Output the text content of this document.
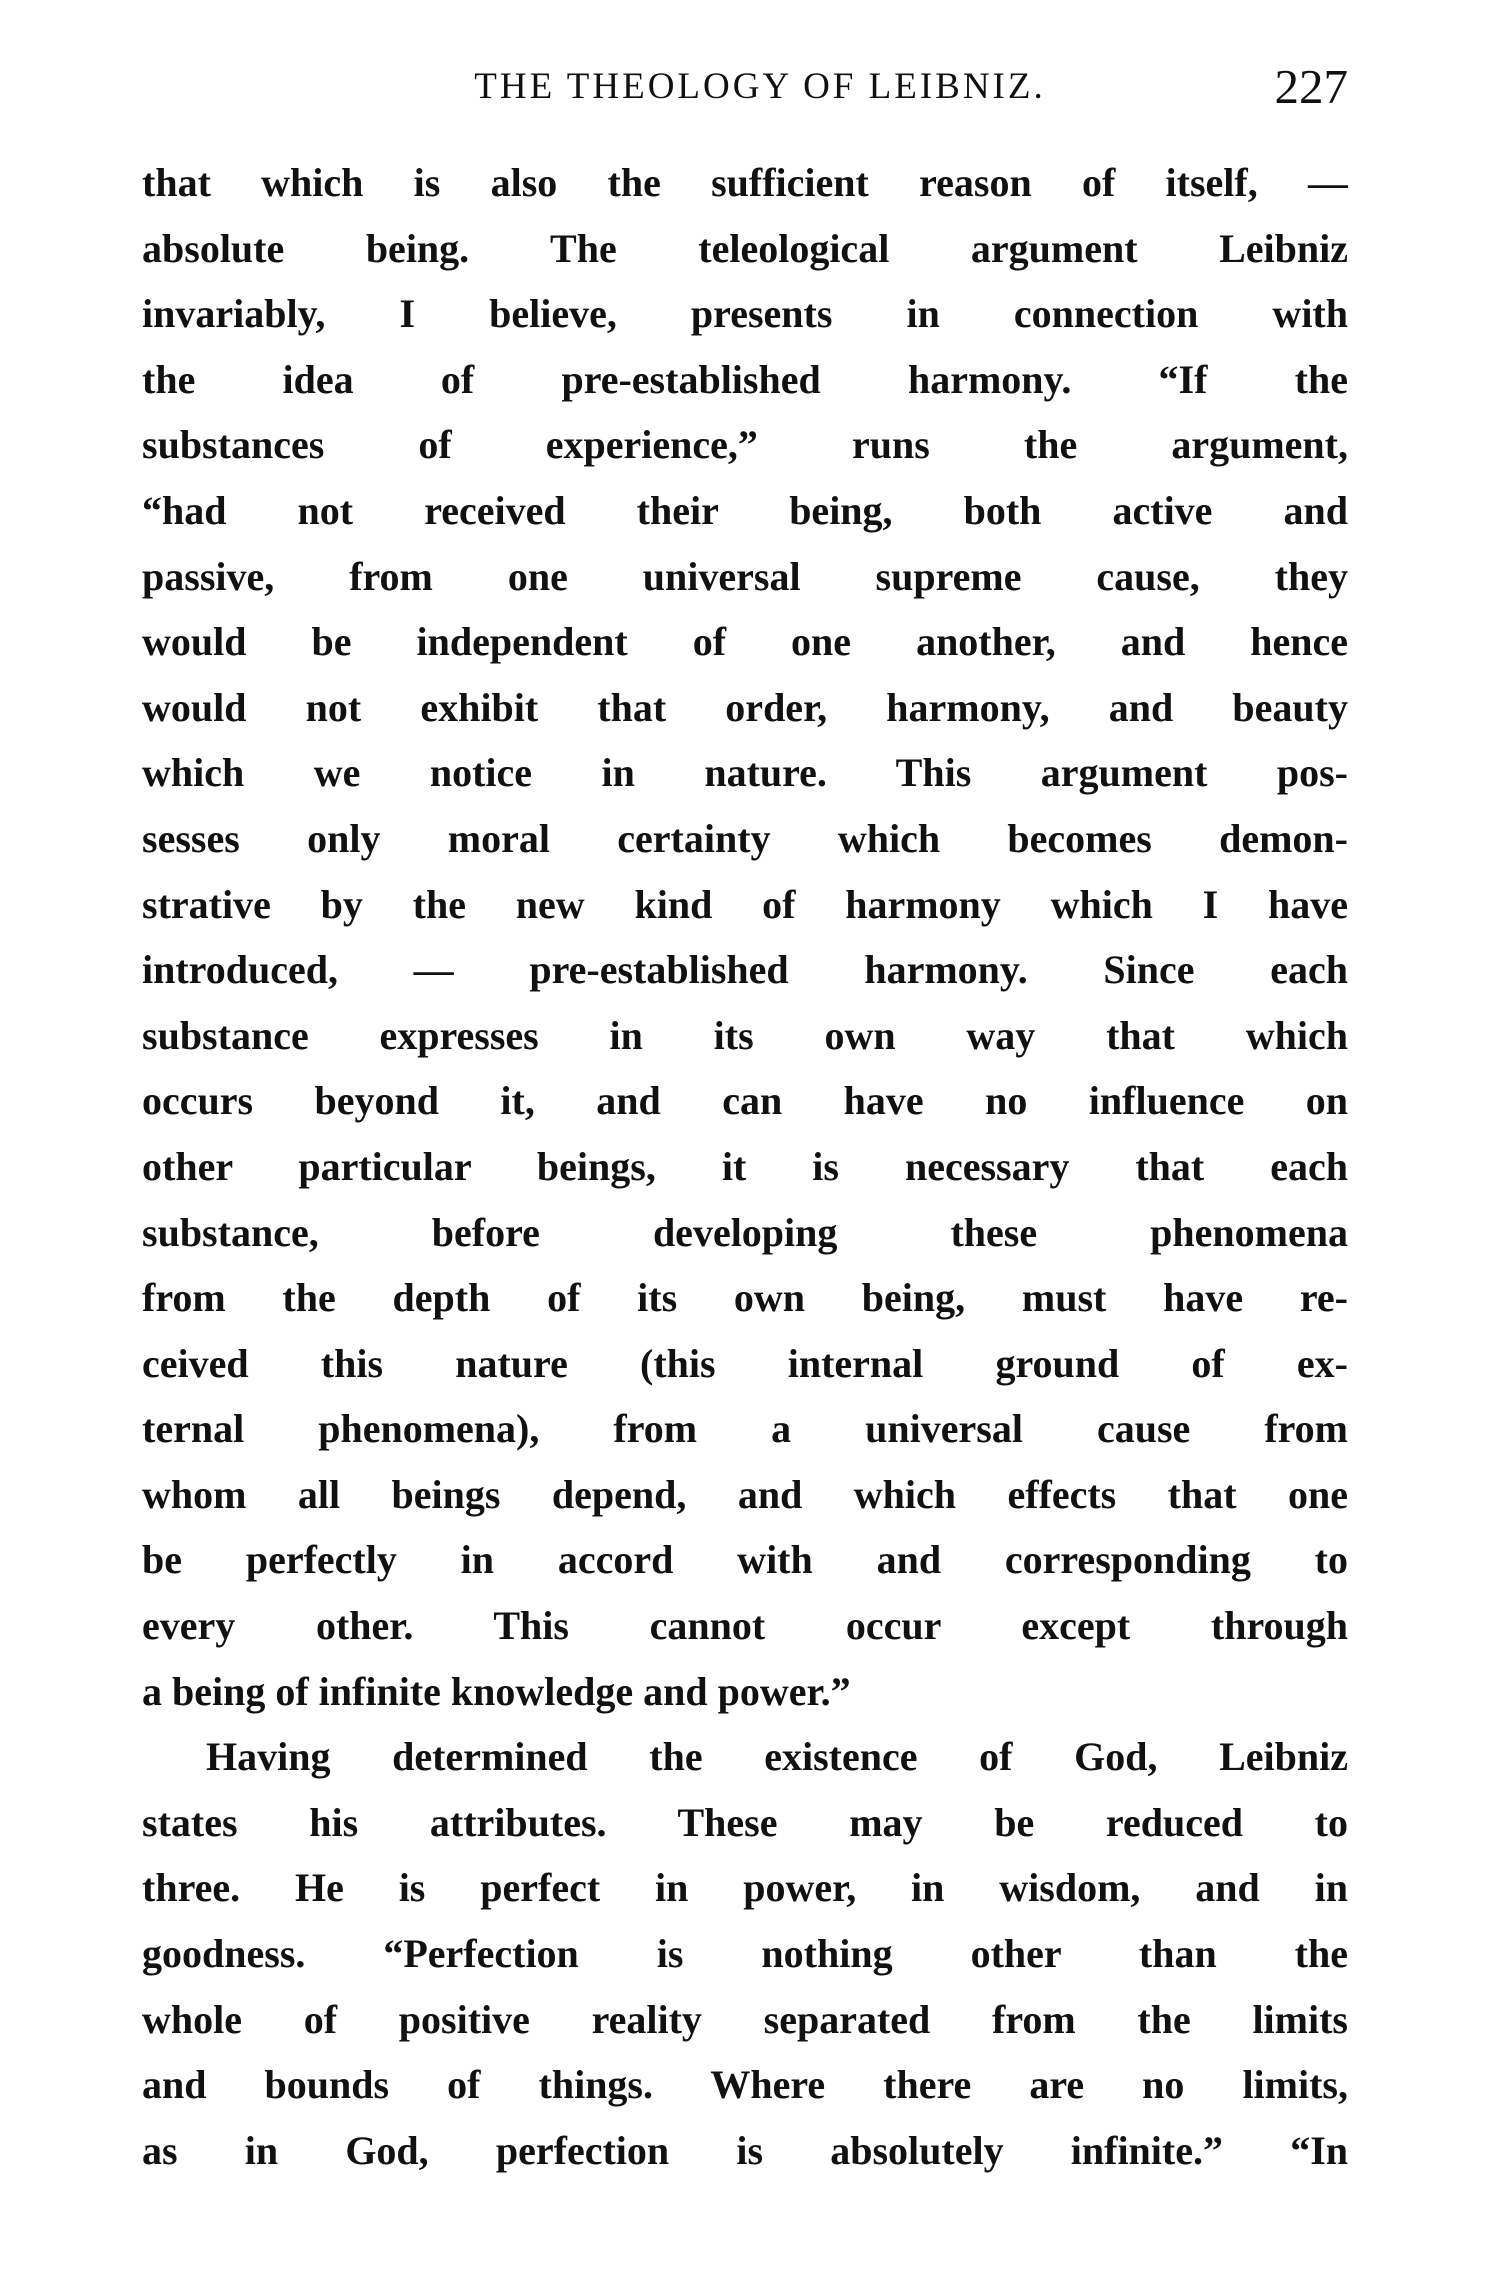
THE THEOLOGY OF LEIBNIZ.	227
that which is also the sufficient reason of itself, —
absolute being. The teleological argument Leibniz
invariably, I believe, presents in connection with
the idea of pre-established harmony. “If the
substances of experience,” runs the argument,
“had not received their being, both active and
passive, from one universal supreme cause, they
would be independent of one another, and hence
would not exhibit that order, harmony, and beauty
which we notice in nature. This argument pos-
sesses only moral certainty which becomes demon-
strative by the new kind of harmony which I have
introduced, — pre-established harmony. Since each
substance expresses in its own way that which
occurs beyond it, and can have no influence on
other particular beings, it is necessary that each
substance, before developing these phenomena
from the depth of its own being, must have re-
ceived this nature (this internal ground of ex-
ternal phenomena), from a universal cause from
whom all beings depend, and which effects that one
be perfectly in accord with and corresponding to
every other. This cannot occur except through
a being of infinite knowledge and power.”
Having determined the existence of God, Leibniz
states his attributes. These may be reduced to
three. He is perfect in power, in wisdom, and in
goodness. “Perfection is nothing other than the
whole of positive reality separated from the limits
and bounds of things. Where there are no limits,
as in God, perfection is absolutely infinite.” “In
